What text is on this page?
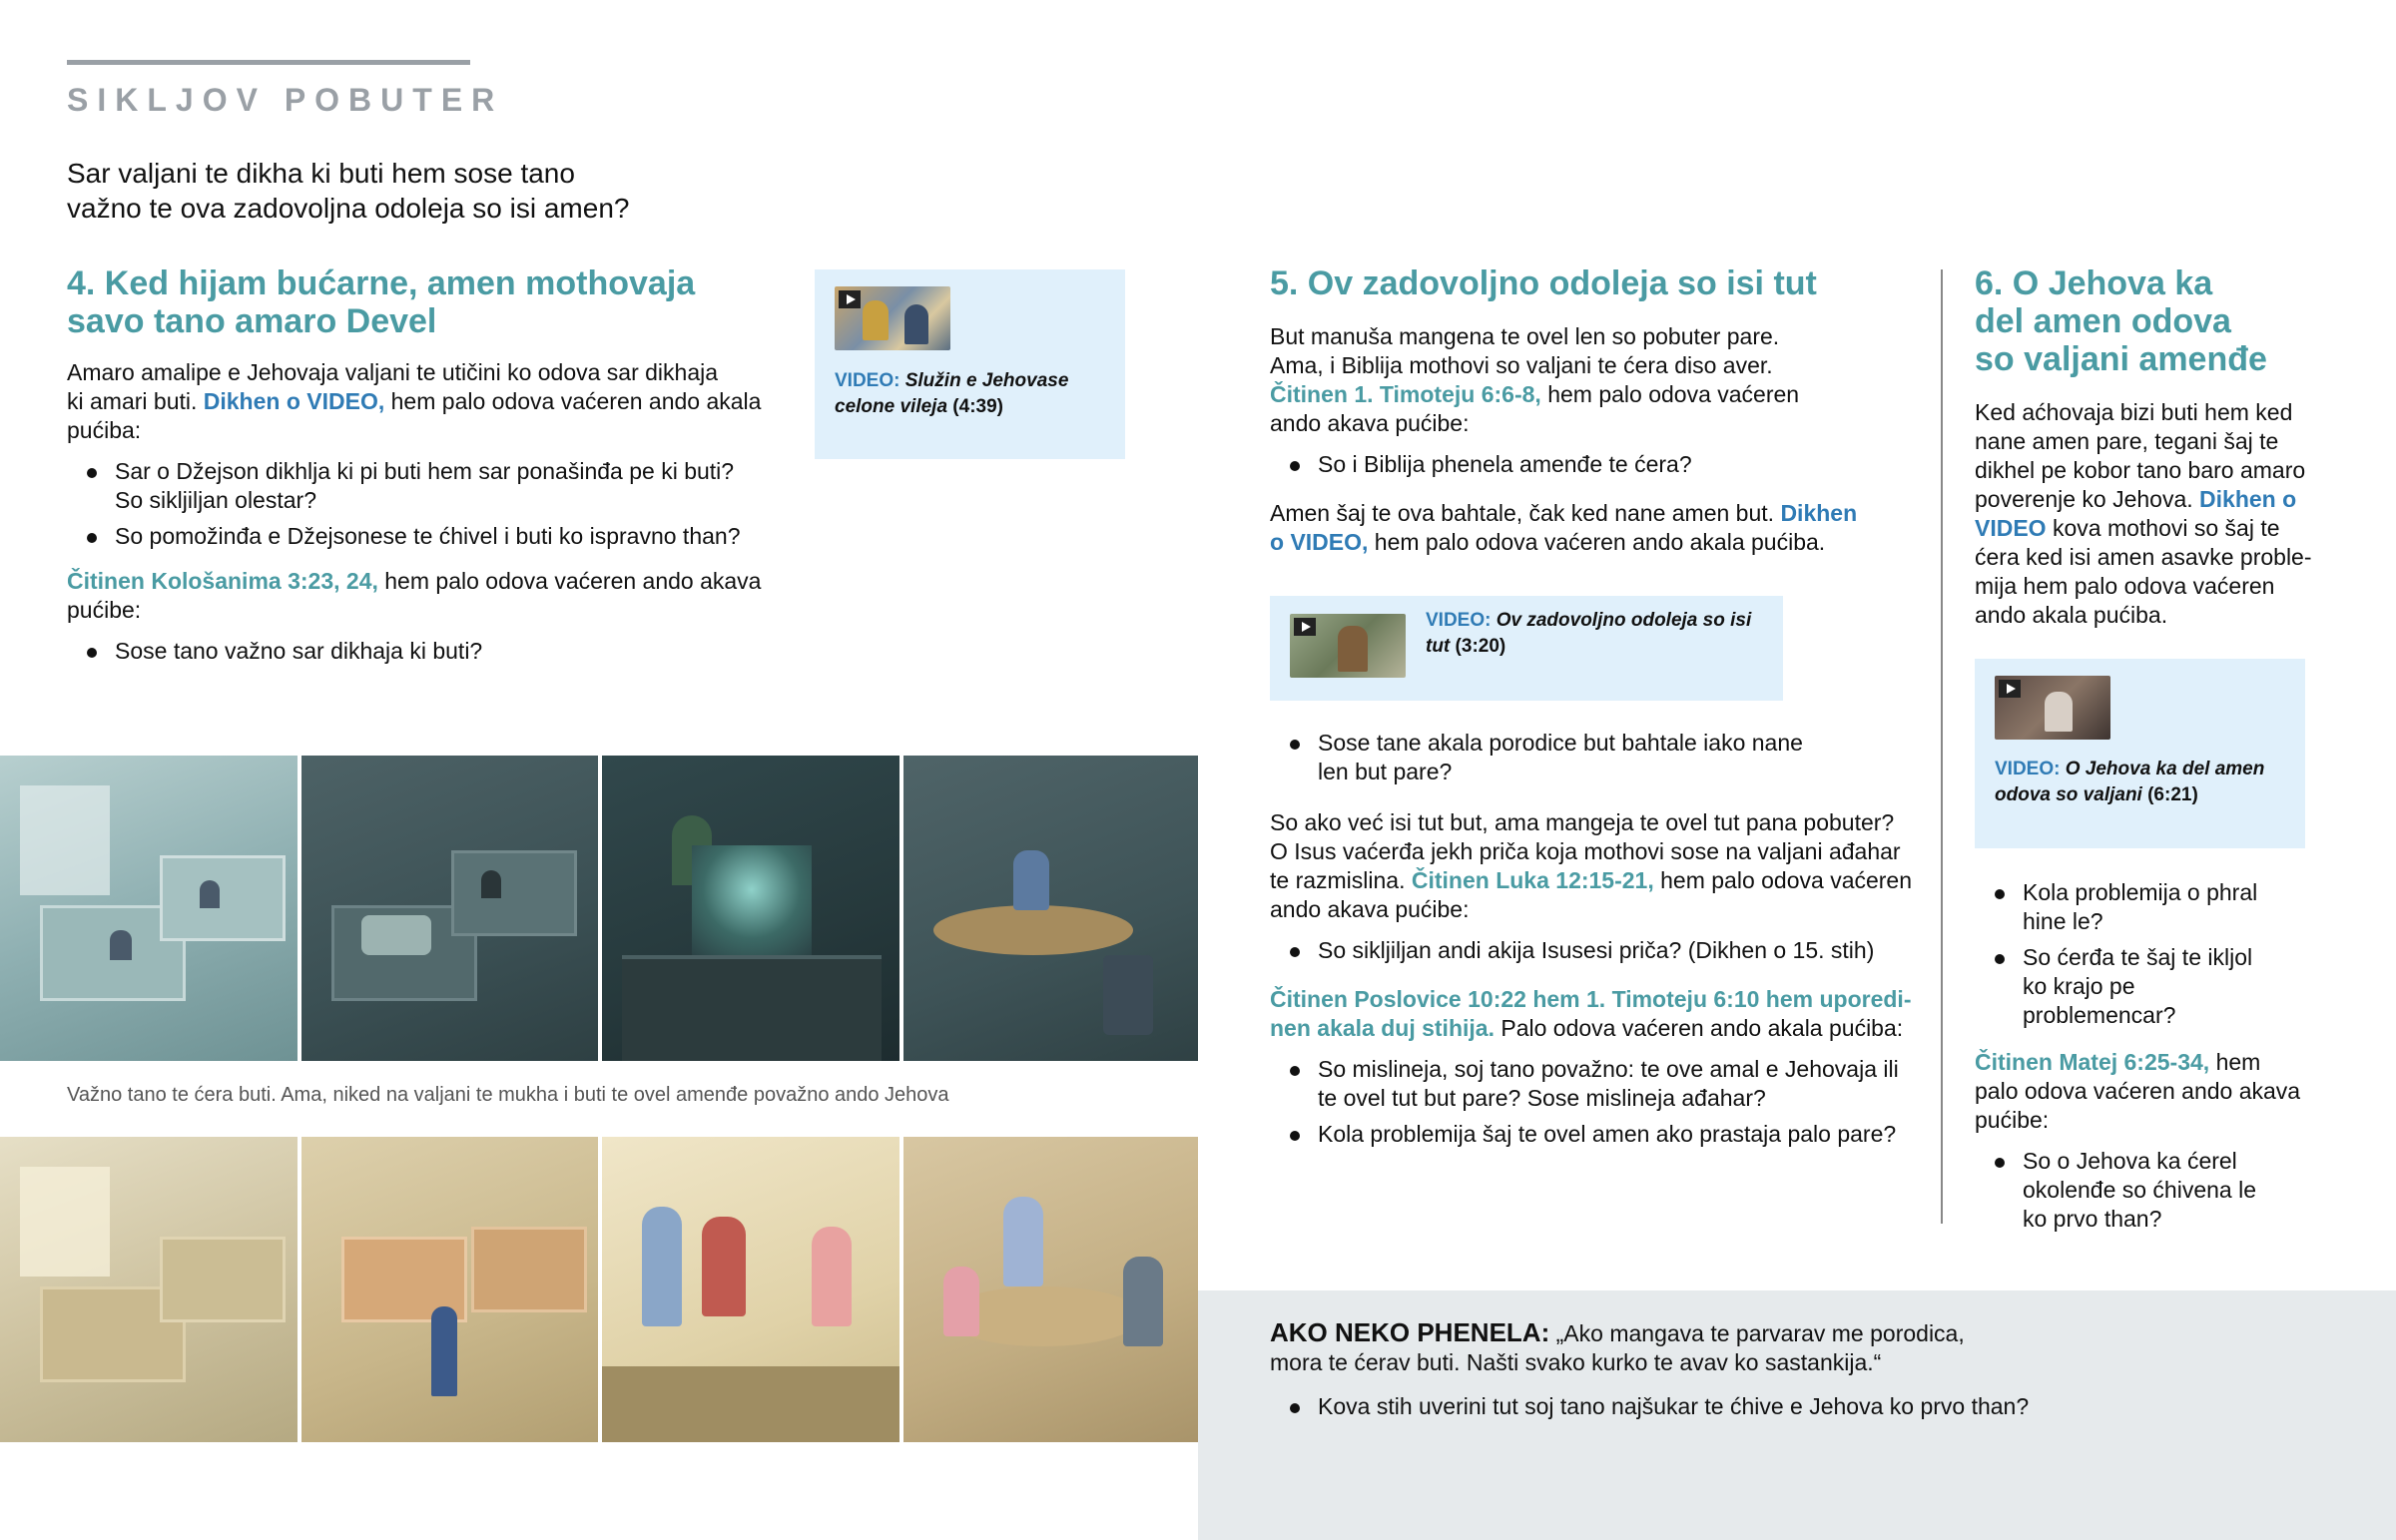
SIKLJOV POBUTER
Sar valjani te dikha ki buti hem sose tano
važno te ova zadovoljna odoleja so isi amen?
4. Ked hijam bućarne, amen mothovaja
savo tano amaro Devel
Amaro amalipe e Jehovaja valjani te utičini ko odova sar dikhaja
ki amari buti. Dikhen o VIDEO, hem palo odova vaćeren ando akala
pućiba:
Sar o Džejson dikhlja ki pi buti hem sar ponašinđa pe ki buti? So sikljiljan olestar?
So pomožinđa e Džejsonese te ćhivel i buti ko ispravno than?
Čitinen Kološanima 3:23, 24, hem palo odova vaćeren ando akava
pućibe:
Sose tano važno sar dikhaja ki buti?
VIDEO: Služin e Jehovase celone vileja (4:39)
Važno tano te ćera buti. Ama, niked na valjani te mukha i buti te ovel amenđe považno ando Jehova
5. Ov zadovoljno odoleja so isi tut
But manuša mangena te ovel len so pobuter pare.
Ama, i Biblija mothovi so valjani te ćera diso aver.
Čitinen 1. Timoteju 6:6-8, hem palo odova vaćeren
ando akava pućibe:
So i Biblija phenela amenđe te ćera?
Amen šaj te ova bahtale, čak ked nane amen but. Dikhen
o VIDEO, hem palo odova vaćeren ando akala pućiba.
VIDEO: Ov zadovoljno odoleja so isi tut (3:20)
Sose tane akala porodice but bahtale iako nane len but pare?
So ako već isi tut but, ama mangeja te ovel tut pana pobuter?
O Isus vaćerđa jekh priča koja mothovi sose na valjani ađahar
te razmislina. Čitinen Luka 12:15-21, hem palo odova vaćeren
ando akava pućibe:
So sikljiljan andi akija Isusesi priča? (Dikhen o 15. stih)
Čitinen Poslovice 10:22 hem 1. Timoteju 6:10 hem uporedi-
nen akala duj stihija. Palo odova vaćeren ando akala pućiba:
So mislineja, soj tano považno: te ove amal e Jehovaja ili te ovel tut but pare? Sose mislineja ađahar?
Kola problemija šaj te ovel amen ako prastaja palo pare?
6. O Jehova ka
del amen odova
so valjani amenđe
Ked aćhovaja bizi buti hem ked
nane amen pare, tegani šaj te
dikhel pe kobor tano baro amaro
poverenje ko Jehova. Dikhen o
VIDEO kova mothovi so šaj te
ćera ked isi amen asavke proble-
mija hem palo odova vaćeren
ando akala pućiba.
VIDEO: O Jehova ka del amen odova so valjani (6:21)
Kola problemija o phral hine le?
So ćerđa te šaj te ikljol ko krajo pe problemencar?
Čitinen Matej 6:25-34, hem
palo odova vaćeren ando akava
pućibe:
So o Jehova ka ćerel okolenđe so ćhivena le ko prvo than?
AKO NEKO PHENELA: „Ako mangava te parvarav me porodica,
mora te ćerav buti. Našti svako kurko te avav ko sastankija.“
Kova stih uverini tut soj tano najšukar te ćhive e Jehova ko prvo than?
